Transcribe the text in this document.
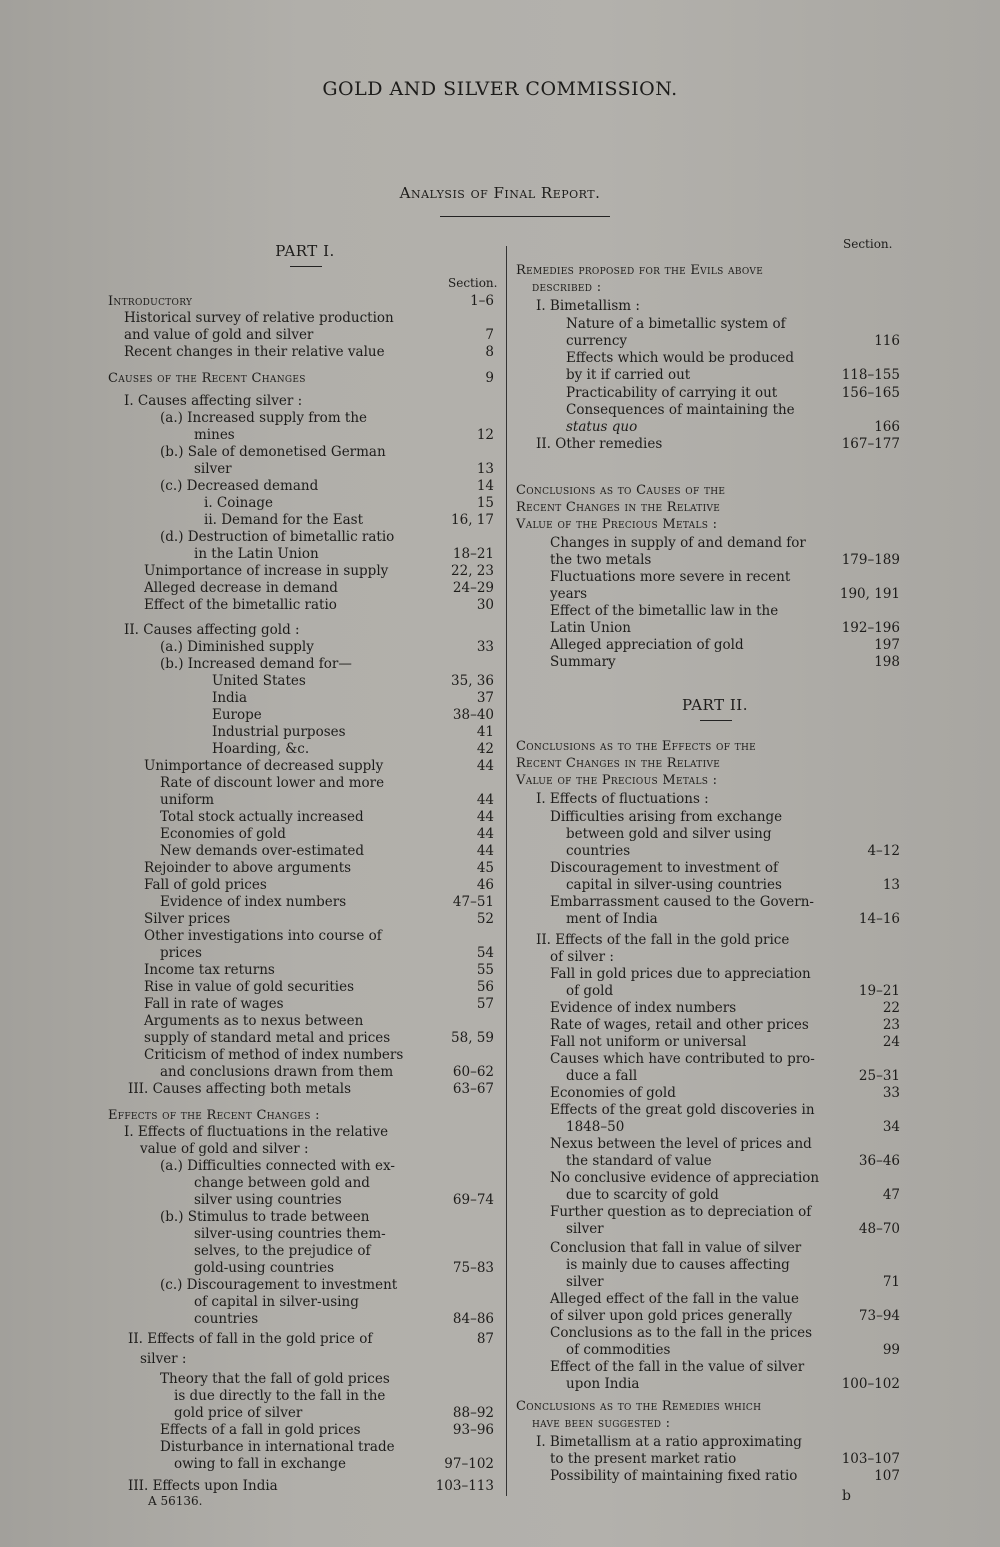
GOLD AND SILVER COMMISSION.
Analysis of Final Report.
PART I.
Section.
Section.
PART II.
Introductory	1–6
Historical survey of relative production
and value of gold and silver	7
Recent changes in their relative value	8
Causes of the Recent Changes	9
I. Causes affecting silver :
(a.) Increased supply from the
mines	12
(b.) Sale of demonetised German
silver	13
(c.) Decreased demand	14
i. Coinage	15
ii. Demand for the East	16, 17
(d.) Destruction of bimetallic ratio
in the Latin Union	18–21
Unimportance of increase in supply	22, 23
Alleged decrease in demand	24–29
Effect of the bimetallic ratio	30
II. Causes affecting gold :
(a.) Diminished supply	33
(b.) Increased demand for—
United States	35, 36
India	37
Europe	38–40
Industrial purposes	41
Hoarding, &c.	42
Unimportance of decreased supply	44
Rate of discount lower and more
uniform	44
Total stock actually increased	44
Economies of gold	44
New demands over-estimated	44
Rejoinder to above arguments	45
Fall of gold prices	46
Evidence of index numbers	47–51
Silver prices	52
Other investigations into course of
prices	54
Income tax returns	55
Rise in value of gold securities	56
Fall in rate of wages	57
Arguments as to nexus between
supply of standard metal and prices	58, 59
Criticism of method of index numbers
and conclusions drawn from them	60–62
III. Causes affecting both metals	63–67
Effects of the Recent Changes :
I. Effects of fluctuations in the relative
value of gold and silver :
(a.) Difficulties connected with ex-
change between gold and
silver using countries	69–74
(b.) Stimulus to trade between
silver-using countries them-
selves, to the prejudice of
gold-using countries	75–83
(c.) Discouragement to investment
of capital in silver-using
countries	84–86
II. Effects of fall in the gold price of	87
silver :
Theory that the fall of gold prices
is due directly to the fall in the
gold price of silver	88–92
Effects of a fall in gold prices	93–96
Disturbance in international trade
owing to fall in exchange	97–102
III. Effects upon India	103–113
Remedies proposed for the Evils above
described :
I. Bimetallism :
Nature of a bimetallic system of
currency	116
Effects which would be produced
by it if carried out	118–155
Practicability of carrying it out	156–165
Consequences of maintaining the
status quo	166
II. Other remedies	167–177
Conclusions as to Causes of the
Recent Changes in the Relative
Value of the Precious Metals :
Changes in supply of and demand for
the two metals	179–189
Fluctuations more severe in recent
years	190, 191
Effect of the bimetallic law in the
Latin Union	192–196
Alleged appreciation of gold	197
Summary	198
Conclusions as to the Effects of the
Recent Changes in the Relative
Value of the Precious Metals :
I. Effects of fluctuations :
Difficulties arising from exchange
between gold and silver using
countries	4–12
Discouragement to investment of
capital in silver-using countries	13
Embarrassment caused to the Govern-
ment of India	14–16
II. Effects of the fall in the gold price
of silver :
Fall in gold prices due to appreciation
of gold	19–21
Evidence of index numbers	22
Rate of wages, retail and other prices	23
Fall not uniform or universal	24
Causes which have contributed to pro-
duce a fall	25–31
Economies of gold	33
Effects of the great gold discoveries in
1848–50	34
Nexus between the level of prices and
the standard of value	36–46
No conclusive evidence of appreciation
due to scarcity of gold	47
Further question as to depreciation of
silver	48–70
Conclusion that fall in value of silver
is mainly due to causes affecting
silver	71
Alleged effect of the fall in the value
of silver upon gold prices generally	73–94
Conclusions as to the fall in the prices
of commodities	99
Effect of the fall in the value of silver
upon India	100–102
Conclusions as to the Remedies which
have been suggested :
I. Bimetallism at a ratio approximating
to the present market ratio	103–107
Possibility of maintaining fixed ratio	107
A 56136.	b
